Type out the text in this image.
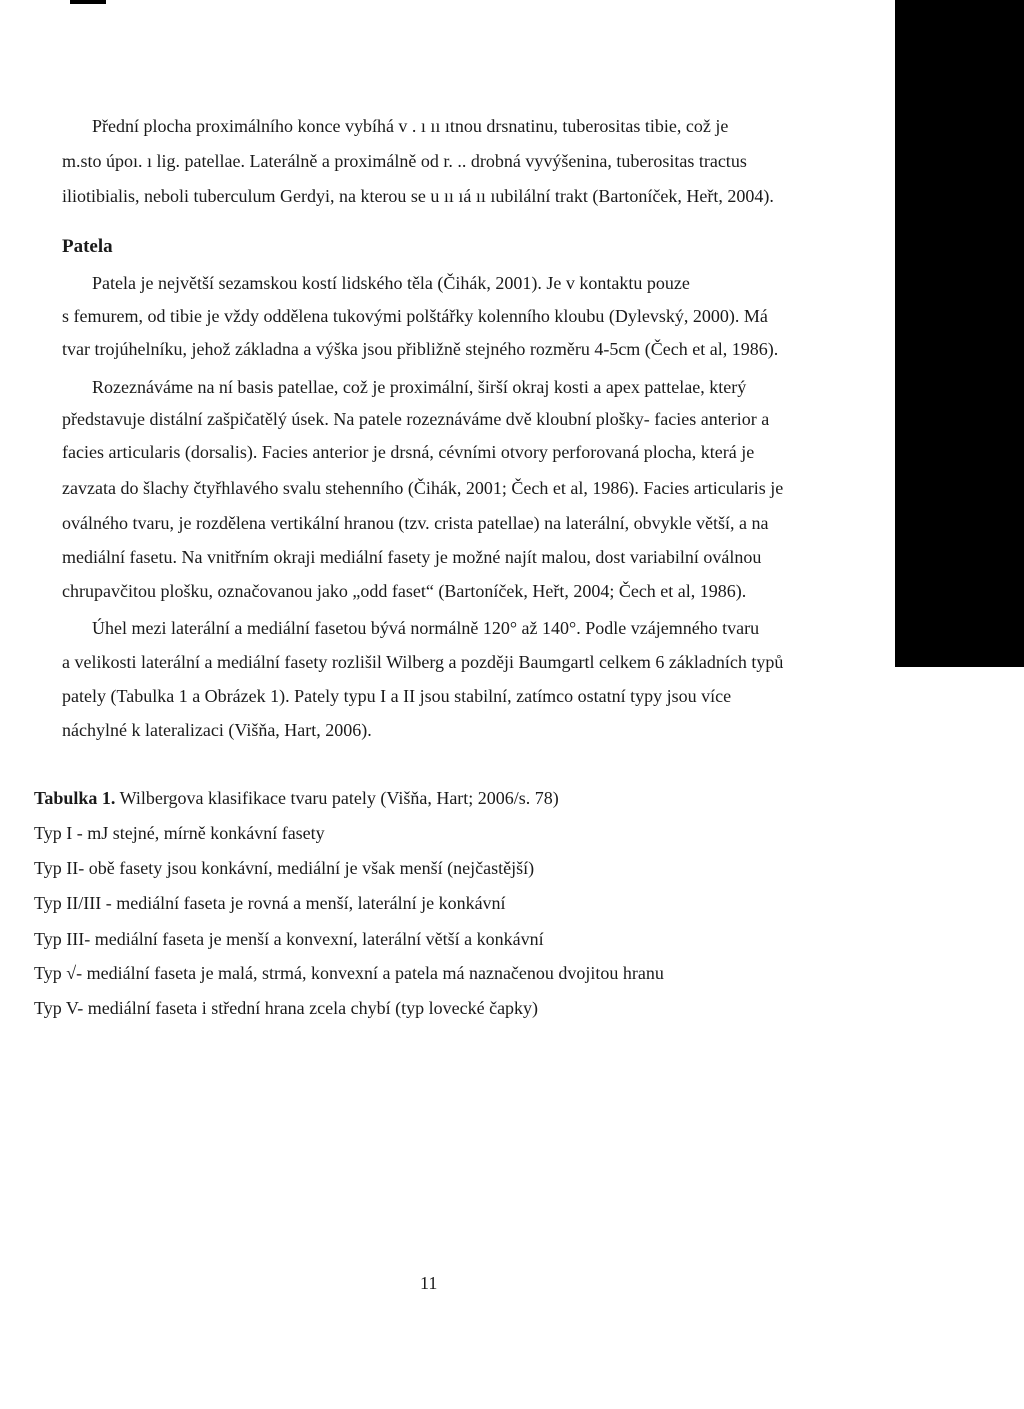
Přední plocha proximálního konce vybíhá v . ı ıı ıtnou drsnatinu, tuberositas tibie, což je
m.sto úpoı. ı lig. patellae. Laterálně a proximálně od r. .. drobná vyvýšenina, tuberositas tractus
iliotibialis, neboli tuberculum Gerdyi, na kterou se u ıı ıá ıı ıubilální trakt (Bartoníček, Heřt, 2004).
Patela
Patela je největší sezamskou kostí lidského těla (Čihák, 2001). Je v kontaktu pouze
s femurem, od tibie je vždy oddělena tukovými polštářky kolenního kloubu (Dylevský, 2000). Má
tvar trojúhelníku, jehož základna a výška jsou přibližně stejného rozměru 4-5cm (Čech et al, 1986).
Rozeznáváme na ní basis patellae, což je proximální, širší okraj kosti a apex pattelae, který
představuje distální zašpičatělý úsek. Na patele rozeznáváme dvě kloubní plošky- facies anterior a
facies articularis (dorsalis). Facies anterior je drsná, cévními otvory perforovaná plocha, která je
zavzata do šlachy čtyřhlavého svalu stehenního (Čihák, 2001; Čech et al, 1986). Facies articularis je
oválného tvaru, je rozdělena vertikální hranou (tzv. crista patellae) na laterální, obvykle větší, a na
mediální fasetu. Na vnitřním okraji mediální fasety je možné najít malou, dost variabilní oválnou
chrupavčitou plošku, označovanou jako „odd faset“ (Bartoníček, Heřt, 2004; Čech et al, 1986).
Úhel mezi laterální a mediální fasetou bývá normálně 120° až 140°. Podle vzájemného tvaru
a velikosti laterální a mediální fasety rozlišil Wilberg a později Baumgartl celkem 6 základních typů
pately (Tabulka 1 a Obrázek 1). Pately typu I a II jsou stabilní, zatímco ostatní typy jsou více
náchylné k lateralizaci (Višňa, Hart, 2006).
Tabulka 1. Wilbergova klasifikace tvaru pately (Višňa, Hart; 2006/s. 78)
Typ I - mJ stejné, mírně konkávní fasety
Typ II- obě fasety jsou konkávní, mediální je však menší (nejčastější)
Typ II/III - mediální faseta je rovná a menší, laterální je konkávní
Typ III- mediální faseta je menší a konvexní, laterální větší a konkávní
Typ √- mediální faseta je malá, strmá, konvexní a patela má naznačenou dvojitou hranu
Typ V- mediální faseta i střední hrana zcela chybí (typ lovecké čapky)
11
